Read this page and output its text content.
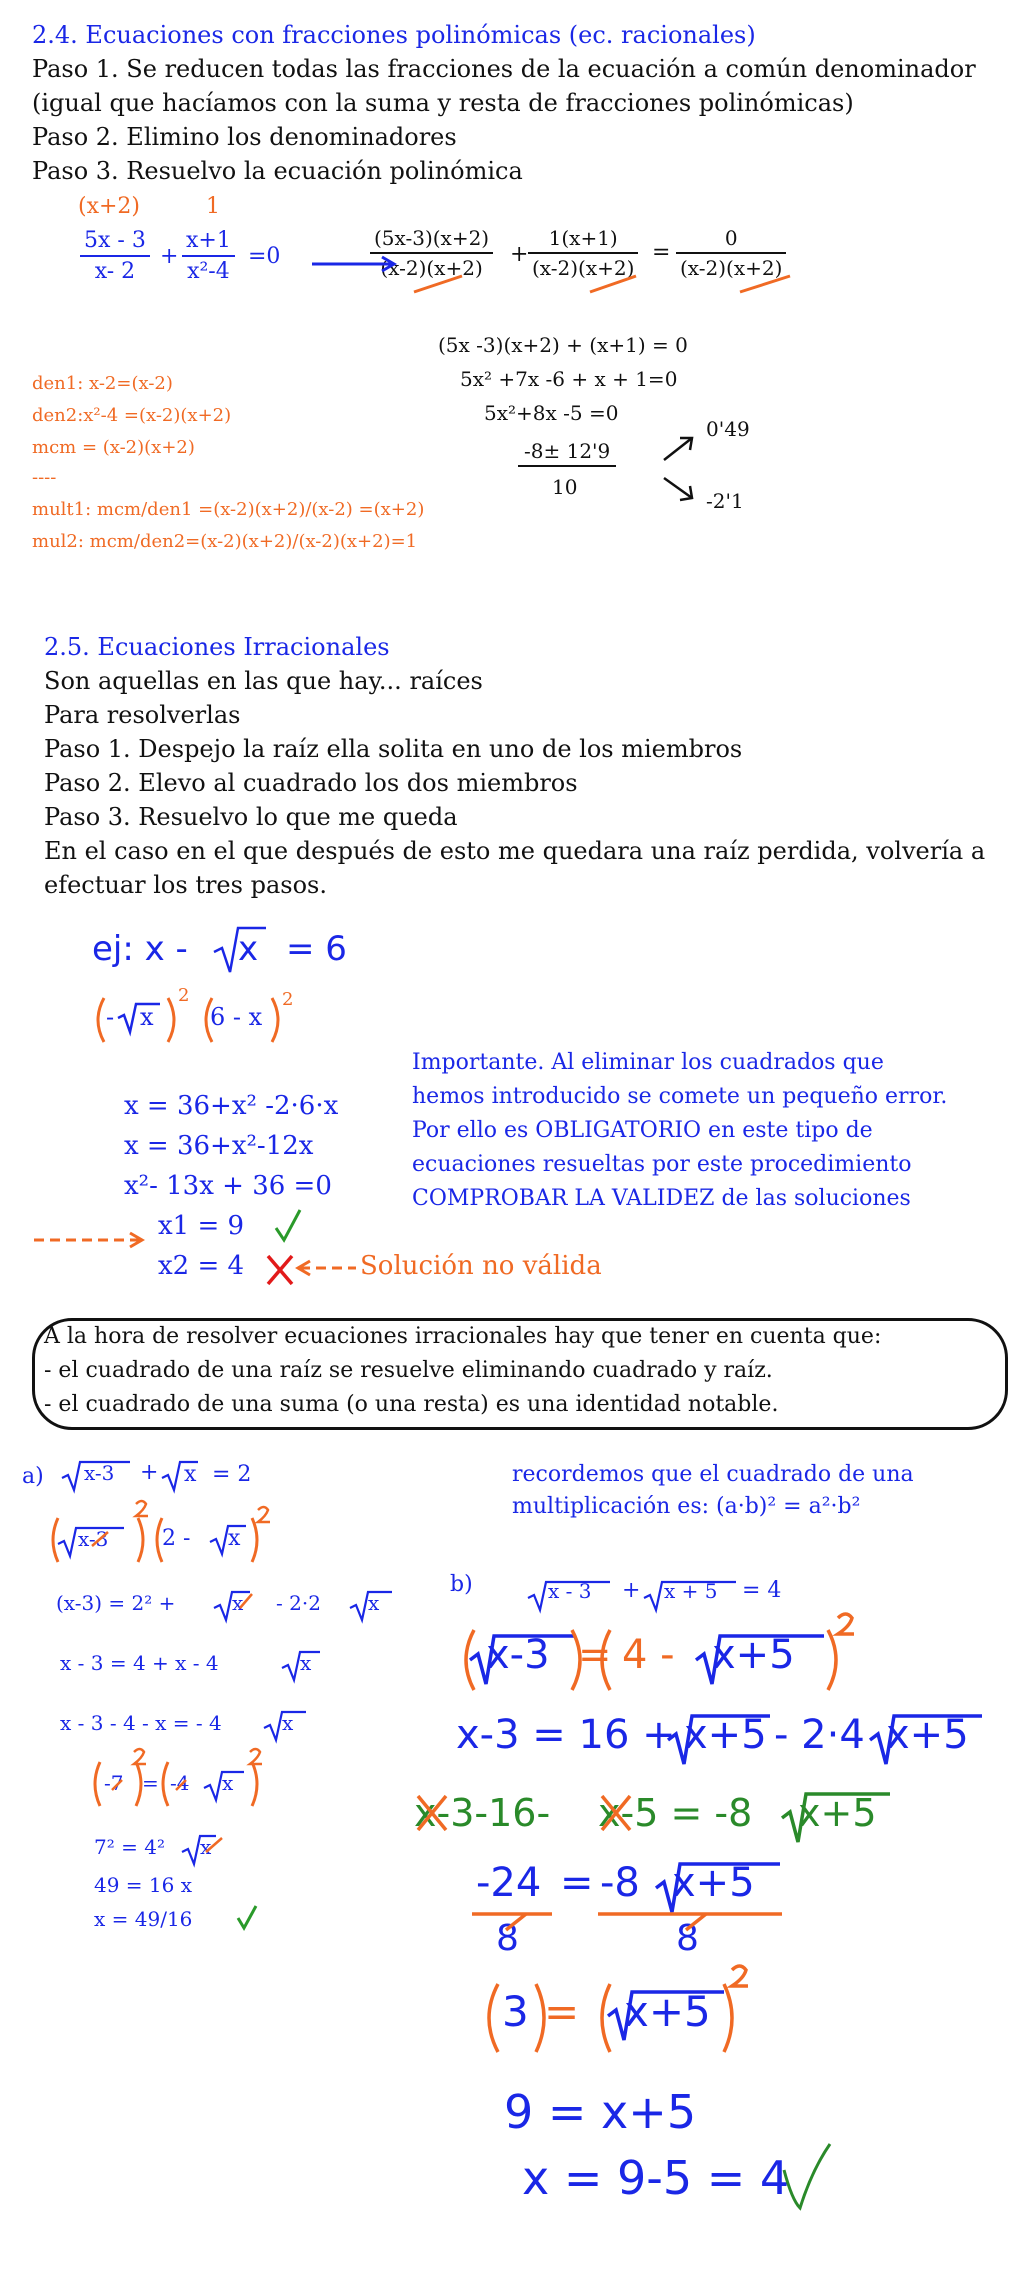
2.4. Ecuaciones con fracciones polinómicas (ec. racionales)
Paso 1. Se reducen todas las fracciones de la ecuación a común denominador
(igual que hacíamos con la suma y resta de fracciones polinómicas)
Paso 2. Elimino los denominadores
Paso 3. Resuelvo la ecuación polinómica
(x+2)	1
$\frac{5x - 3}{x- 2} + \frac{x+1}{\text{x²-4}} =0$	$\frac{(5x-3)(x+2)}{(x-2)(x+2)} + \frac{1(x+1)}{(x-2)(x+2)} = \frac{0}{(x-2)(x+2)}$
(5x -3)(x+2) + (x+1) = 0
5x² +7x -6 + x + 1=0
5x²+8x -5 =0
-8± 12'9
10
0'49
-2'1
den1: x-2=(x-2)
den2:x²-4 =(x-2)(x+2)
mcm = (x-2)(x+2)
----
mult1: mcm/den1 =(x-2)(x+2)/(x-2) =(x+2)
mul2: mcm/den2=(x-2)(x+2)/(x-2)(x+2)=1
2.5. Ecuaciones Irracionales
Son aquellas en las que hay... raíces
Para resolverlas
Paso 1. Despejo la raíz ella solita en uno de los miembros
Paso 2. Elevo al cuadrado los dos miembros
Paso 3. Resuelvo lo que me queda
En el caso en el que después de esto me quedara una raíz perdida, volvería a
efectuar los tres pasos.
ej: x - x = 6
- x
2
6 - x
2
x = 36+x² -2·6·x
x = 36+x²-12x
x²- 13x + 36 =0
x1 = 9
x2 = 4	Solución no válida
Importante. Al eliminar los cuadrados que
hemos introducido se comete un pequeño error.
Por ello es OBLIGATORIO en este tipo de
ecuaciones resueltas por este procedimiento
COMPROBAR LA VALIDEZ de las soluciones
A la hora de resolver ecuaciones irracionales hay que tener en cuenta que:
- el cuadrado de una raíz se resuelve eliminando cuadrado y raíz.
- el cuadrado de una suma (o una resta) es una identidad notable.
a) x-3 + x = 2
x-3 2 - x
(x-3) = 2² +	x - 2·2 x
x - 3 = 4 + x - 4	x
x - 3 - 4 - x = - 4	x
-7 = -4 x
7² = 4² x
49 = 16 x
x = 49/16
recordemos que el cuadrado de una
multiplicación es: (a·b)² = a²·b²
b)	x - 3 + x + 5 = 4
x-3 = 4 - x+5
x-3 = 16 + x+5 - 2·4 x+5
x-3-16- x-5 = -8 x+5
-24 = -8 x+5
8	8
3 = x+5
9 = x+5
x = 9-5 = 4
